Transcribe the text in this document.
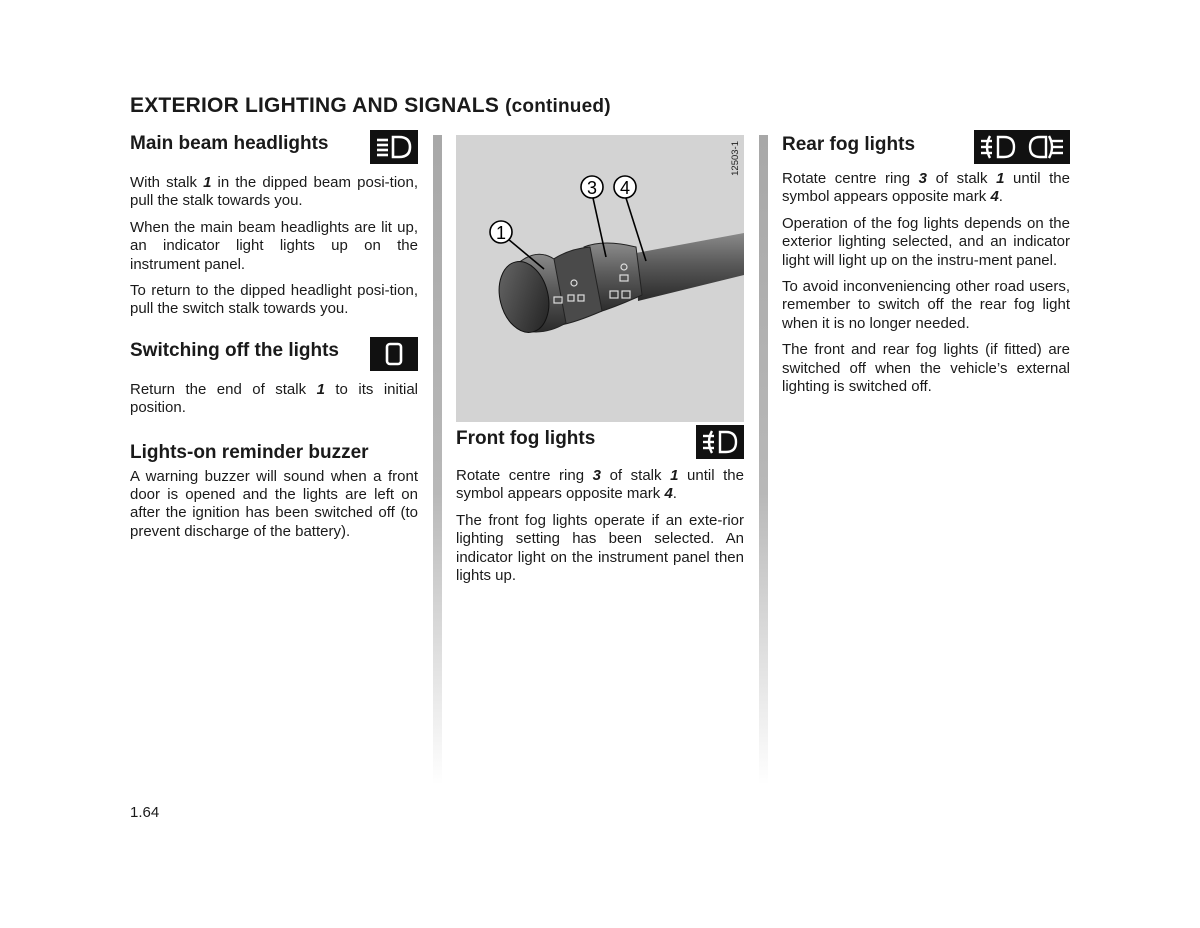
EXTERIOR LIGHTING AND SIGNALS (continued)
Main beam headlights

With stalk 1 in the dipped beam posi-tion, pull the stalk towards you.

When the main beam headlights are lit up, an indicator light lights up on the instrument panel.

To return to the dipped headlight posi-tion, pull the switch stalk towards you.

Switching off the lights

Return the end of stalk 1 to its initial position.

Lights-on reminder buzzer

A warning buzzer will sound when a front door is opened and the lights are left on after the ignition has been switched off (to prevent discharge of the battery).

12503-1
1
3 4
Front fog lights

Rotate centre ring 3 of stalk 1 until the symbol appears opposite mark 4.

The front fog lights operate if an exte-rior lighting setting has been selected. An indicator light on the instrument panel then lights up.

Rear fog lights

Rotate centre ring 3 of stalk 1 until the symbol appears opposite mark 4.

Operation of the fog lights depends on the exterior lighting selected, and an indicator light will light up on the instru-ment panel.

To avoid inconveniencing other road users, remember to switch off the rear fog light when it is no longer needed.

The front and rear fog lights (if fitted) are switched off when the vehicle’s external lighting is switched off.

1.64
